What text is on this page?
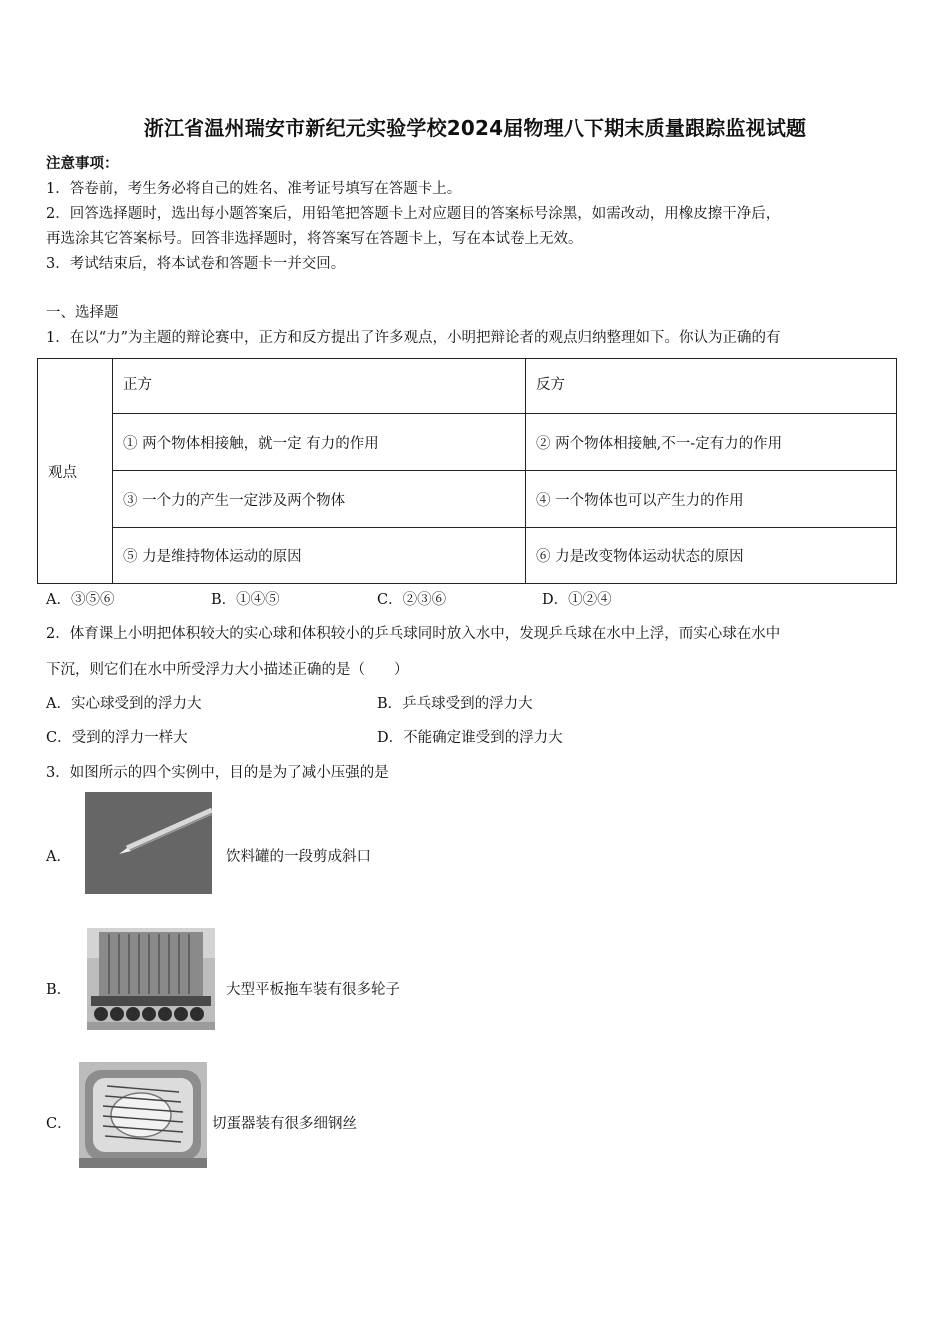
浙江省温州瑞安市新纪元实验学校2024届物理八下期末质量跟踪监视试题
注意事项：
1．答卷前，考生务必将自己的姓名、准考证号填写在答题卡上。
2．回答选择题时，选出每小题答案后，用铅笔把答题卡上对应题目的答案标号涂黑，如需改动，用橡皮擦干净后，
再选涂其它答案标号。回答非选择题时，将答案写在答题卡上，写在本试卷上无效。
3．考试结束后，将本试卷和答题卡一并交回。
一、选择题
1．在以“力”为主题的辩论赛中，正方和反方提出了许多观点，小明把辩论者的观点归纳整理如下。你认为正确的有
观点	正方	反方
	① 两个物体相接触，就一定 有力的作用	② 两个物体相接触,不一-定有力的作用
	③ 一个力的产生一定涉及两个物体	④ 一个物体也可以产生力的作用
	⑤ 力是维持物体运动的原因	⑥ 力是改变物体运动状态的原因
A．③⑤⑥	B．①④⑤	C．②③⑥	D．①②④
2．体育课上小明把体积较大的实心球和体积较小的乒乓球同时放入水中，发现乒乓球在水中上浮，而实心球在水中
下沉，则它们在水中所受浮力大小描述正确的是（　　）
A．实心球受到的浮力大	B．乒乓球受到的浮力大
C．受到的浮力一样大	D．不能确定谁受到的浮力大
3．如图所示的四个实例中，目的是为了减小压强的是
A．	饮料罐的一段剪成斜口
B．	大型平板拖车装有很多轮子
C．	切蛋器装有很多细钢丝
